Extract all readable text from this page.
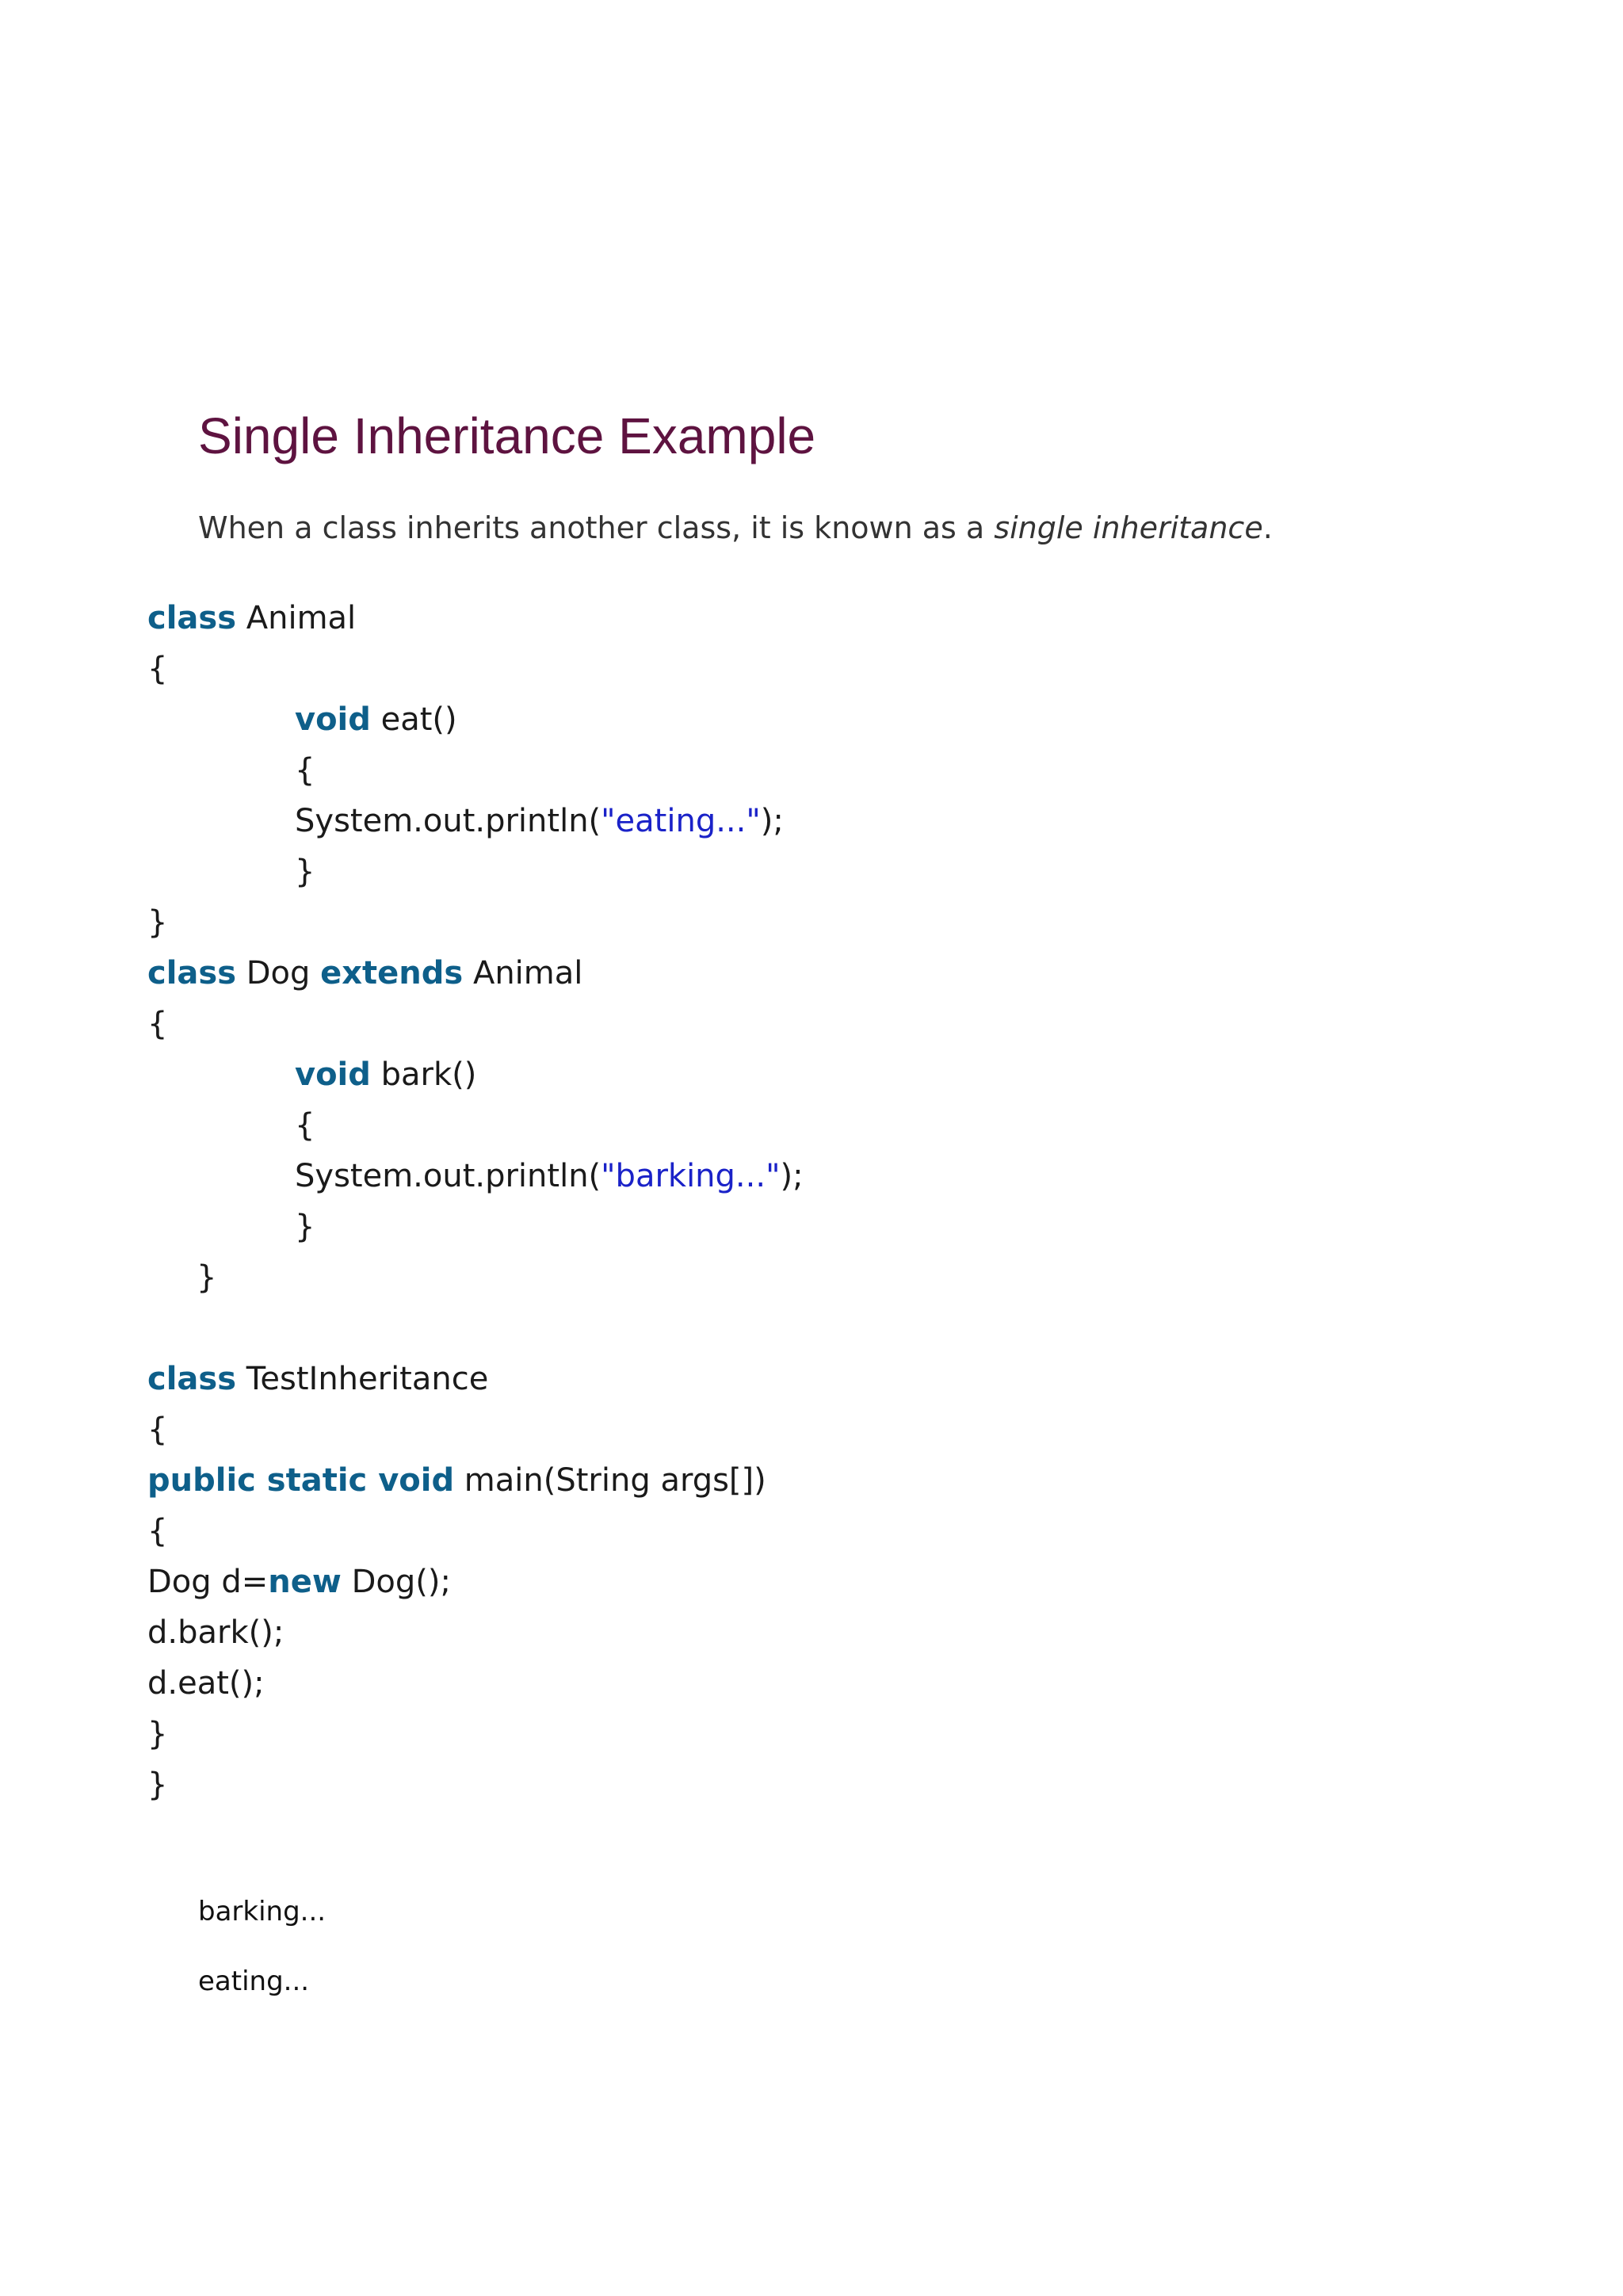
Single Inheritance Example

When a class inherits another class, it is known as a single inheritance.

class Animal
{
void eat()
{
System.out.println("eating...");
}
}
class Dog extends Animal
{
void bark()
{
System.out.println("barking...");
}
}
class TestInheritance
{
public static void main(String args[])
{
Dog d=new Dog();
d.bark();
d.eat();
}
}
barking...
eating...
